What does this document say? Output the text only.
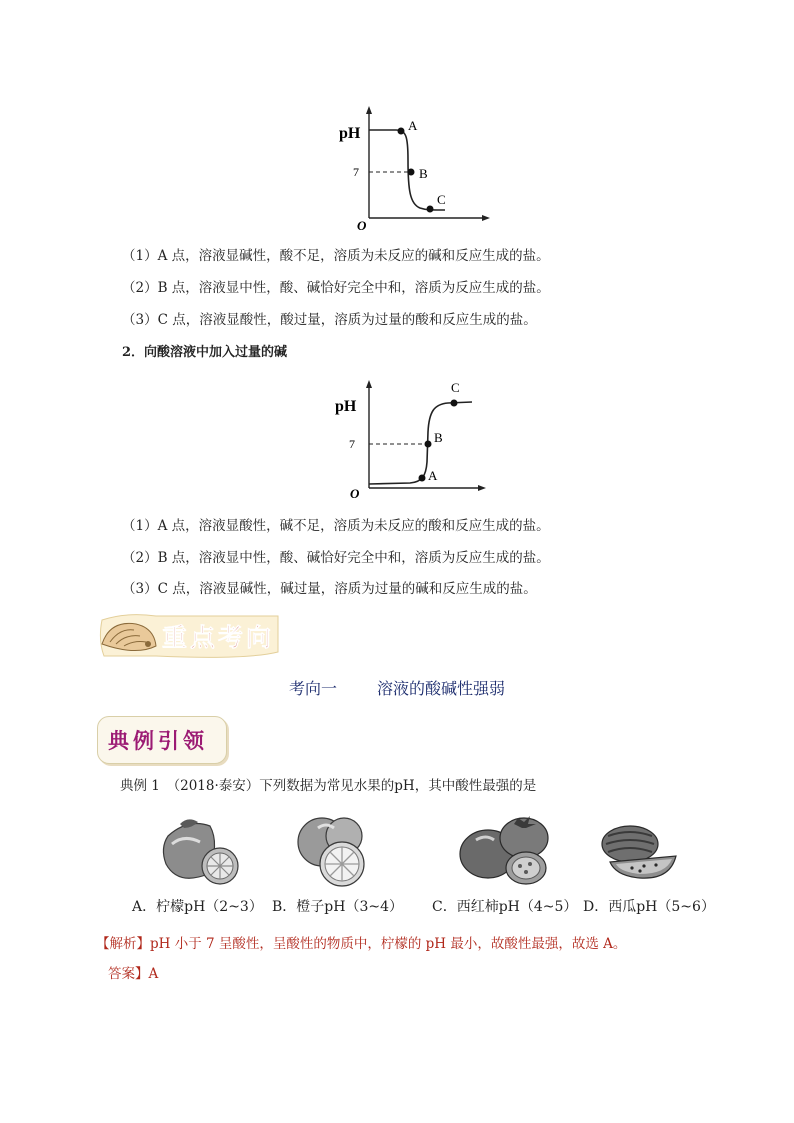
pH
7
O
A
B
C
（1）A 点，溶液显碱性，酸不足，溶质为未反应的碱和反应生成的盐。
（2）B 点，溶液显中性，酸、碱恰好完全中和，溶质为反应生成的盐。
（3）C 点，溶液显酸性，酸过量，溶质为过量的酸和反应生成的盐。
2．向酸溶液中加入过量的碱
pH
7
O
A
B
C
（1）A 点，溶液显酸性，碱不足，溶质为未反应的酸和反应生成的盐。
（2）B 点，溶液显中性，酸、碱恰好完全中和，溶质为反应生成的盐。
（3）C 点，溶液显碱性，碱过量，溶质为过量的碱和反应生成的盐。
重点考向
考向一	溶液的酸碱性强弱
典例引领
典例 1　（2018·泰安）下列数据为常见水果的pH，其中酸性最强的是
A．柠檬pH（2~3） B．橙子pH（3~4） C．西红柿pH（4~5） D．西瓜pH（5~6）
【解析】pH 小于 7 呈酸性，呈酸性的物质中，柠檬的 pH 最小，故酸性最强，故选 A。
答案】A
